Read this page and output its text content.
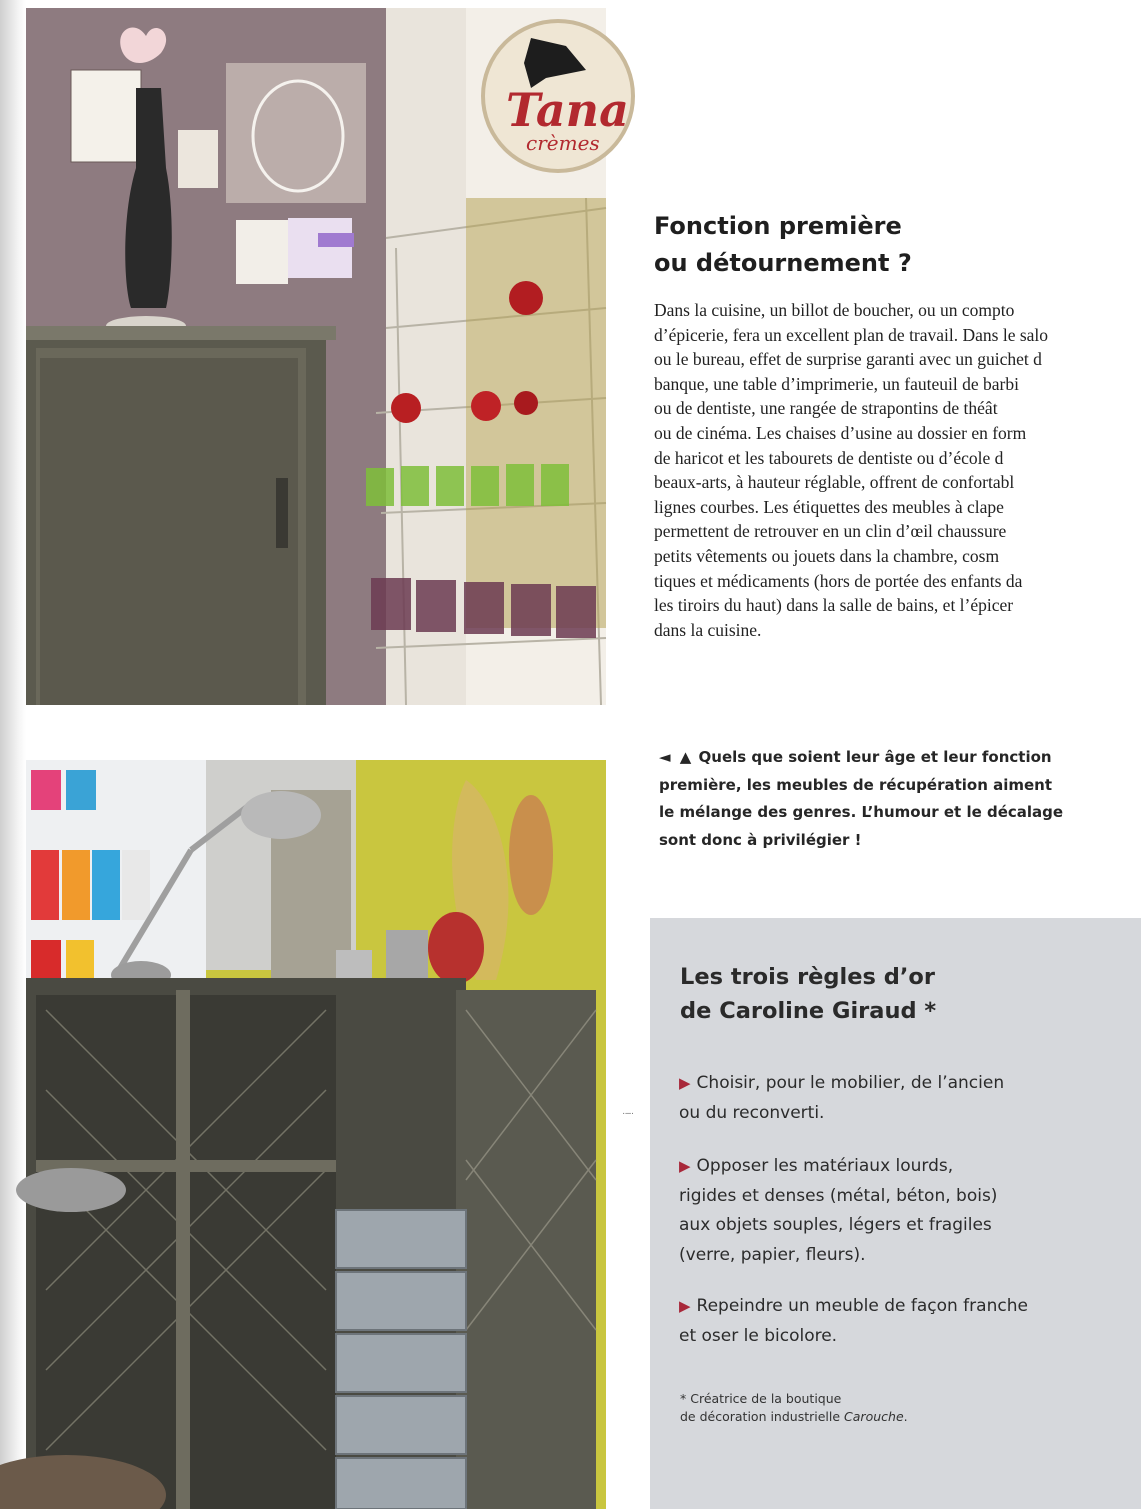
Tana
crèmes
Fonction première
ou détournement ?
Dans la cuisine, un billot de boucher, ou un compto
d’épicerie, fera un excellent plan de travail. Dans le salo
ou le bureau, effet de surprise garanti avec un guichet d
banque, une table d’imprimerie, un fauteuil de barbi
ou de dentiste, une rangée de strapontins de théât
ou de cinéma. Les chaises d’usine au dossier en form
de haricot et les tabourets de dentiste ou d’école d
beaux-arts, à hauteur réglable, offrent de confortabl
lignes courbes. Les étiquettes des meubles à clape
permettent de retrouver en un clin d’œil chaussure
petits vêtements ou jouets dans la chambre, cosm
tiques et médicaments (hors de portée des enfants da
les tiroirs du haut) dans la salle de bains, et l’épicer
dans la cuisine.
◄ ▲ Quels que soient leur âge et leur fonction
première, les meubles de récupération aiment
le mélange des genres. L’humour et le décalage
sont donc à privilégier !
·–·
Les trois règles d’or
de Caroline Giraud *
▶ Choisir, pour le mobilier, de l’ancien
ou du reconverti.
▶ Opposer les matériaux lourds,
rigides et denses (métal, béton, bois)
aux objets souples, légers et fragiles
(verre, papier, fleurs).
▶ Repeindre un meuble de façon franche
et oser le bicolore.
* Créatrice de la boutique
de décoration industrielle Carouche.
